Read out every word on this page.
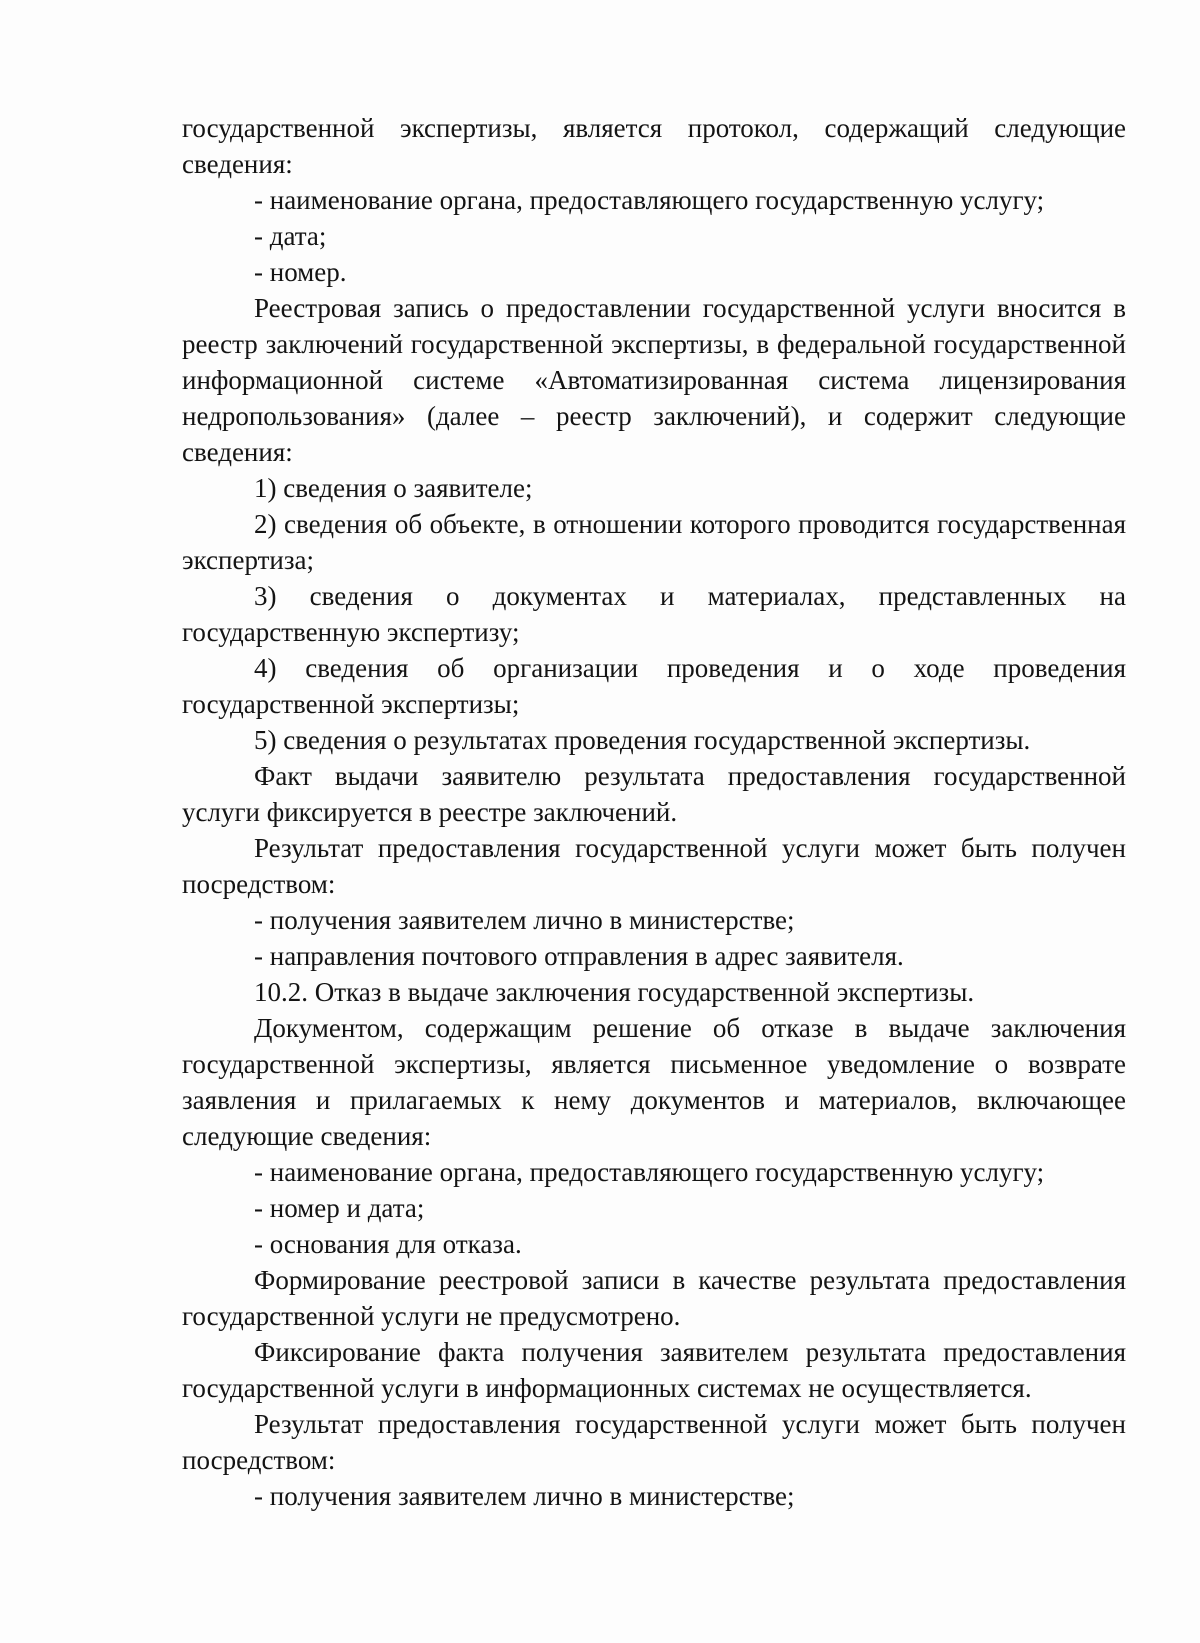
государственной экспертизы, является протокол, содержащий следующие сведения:

- наименование органа, предоставляющего государственную услугу;

- дата;

- номер.

Реестровая запись о предоставлении государственной услуги вносится в реестр заключений государственной экспертизы, в федеральной государственной информационной системе «Автоматизированная система лицензирования недропользования» (далее – реестр заключений), и содержит следующие сведения:

1) сведения о заявителе;

2) сведения об объекте, в отношении которого проводится государственная экспертиза;

3) сведения о документах и материалах, представленных на государственную экспертизу;

4) сведения об организации проведения и о ходе проведения государственной экспертизы;

5) сведения о результатах проведения государственной экспертизы.

Факт выдачи заявителю результата предоставления государственной услуги фиксируется в реестре заключений.

Результат предоставления государственной услуги может быть получен посредством:

- получения заявителем лично в министерстве;

- направления почтового отправления в адрес заявителя.

10.2. Отказ в выдаче заключения государственной экспертизы.

Документом, содержащим решение об отказе в выдаче заключения государственной экспертизы, является письменное уведомление о возврате заявления и прилагаемых к нему документов и материалов, включающее следующие сведения:

- наименование органа, предоставляющего государственную услугу;

- номер и дата;

- основания для отказа.

Формирование реестровой записи в качестве результата предоставления государственной услуги не предусмотрено.

Фиксирование факта получения заявителем результата предоставления государственной услуги в информационных системах не осуществляется.

Результат предоставления государственной услуги может быть получен посредством:

- получения заявителем лично в министерстве;
